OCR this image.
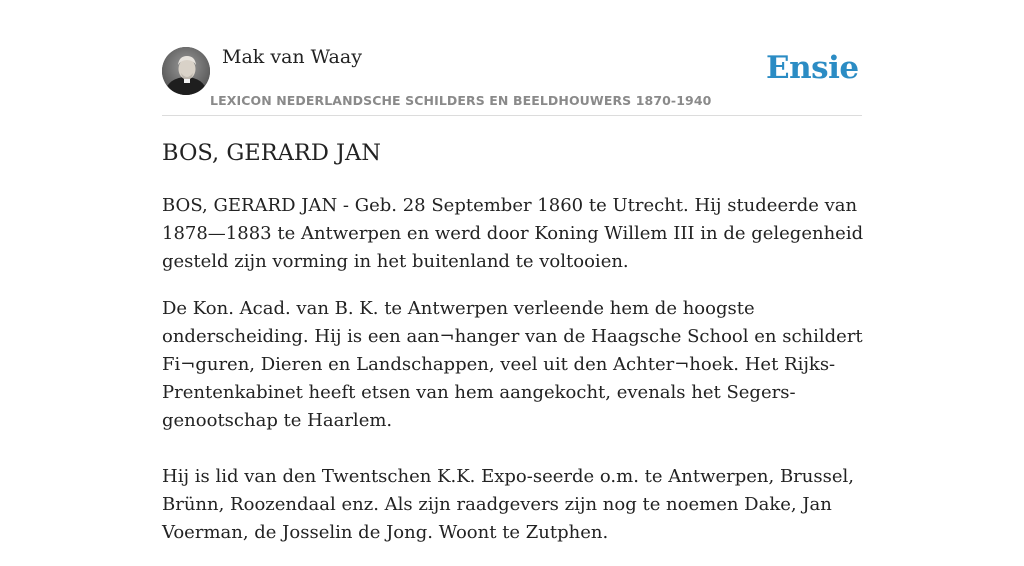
Mak van Waay	Ensie
LEXICON NEDERLANDSCHE SCHILDERS EN BEELDHOUWERS 1870-1940
BOS, GERARD JAN

BOS, GERARD JAN - Geb. 28 September 1860 te Utrecht. Hij studeerde van 1878—1883 te Antwerpen en werd door Koning Willem III in de gelegenheid gesteld zijn vorming in het buitenland te voltooien.

De Kon. Acad. van B. K. te Antwerpen verleende hem de hoogste onderscheiding. Hij is een aan¬hanger van de Haagsche School en schildert Fi¬guren, Dieren en Landschappen, veel uit den Achter¬hoek. Het Rijks-Prentenkabinet heeft etsen van hem aangekocht, evenals het Segers-genootschap te Haarlem.

Hij is lid van den Twentschen K.K. Expo-seerde o.m. te Antwerpen, Brussel, Brünn, Roozendaal enz. Als zijn raadgevers zijn nog te noemen Dake, Jan Voerman, de Josselin de Jong. Woont te Zutphen.
